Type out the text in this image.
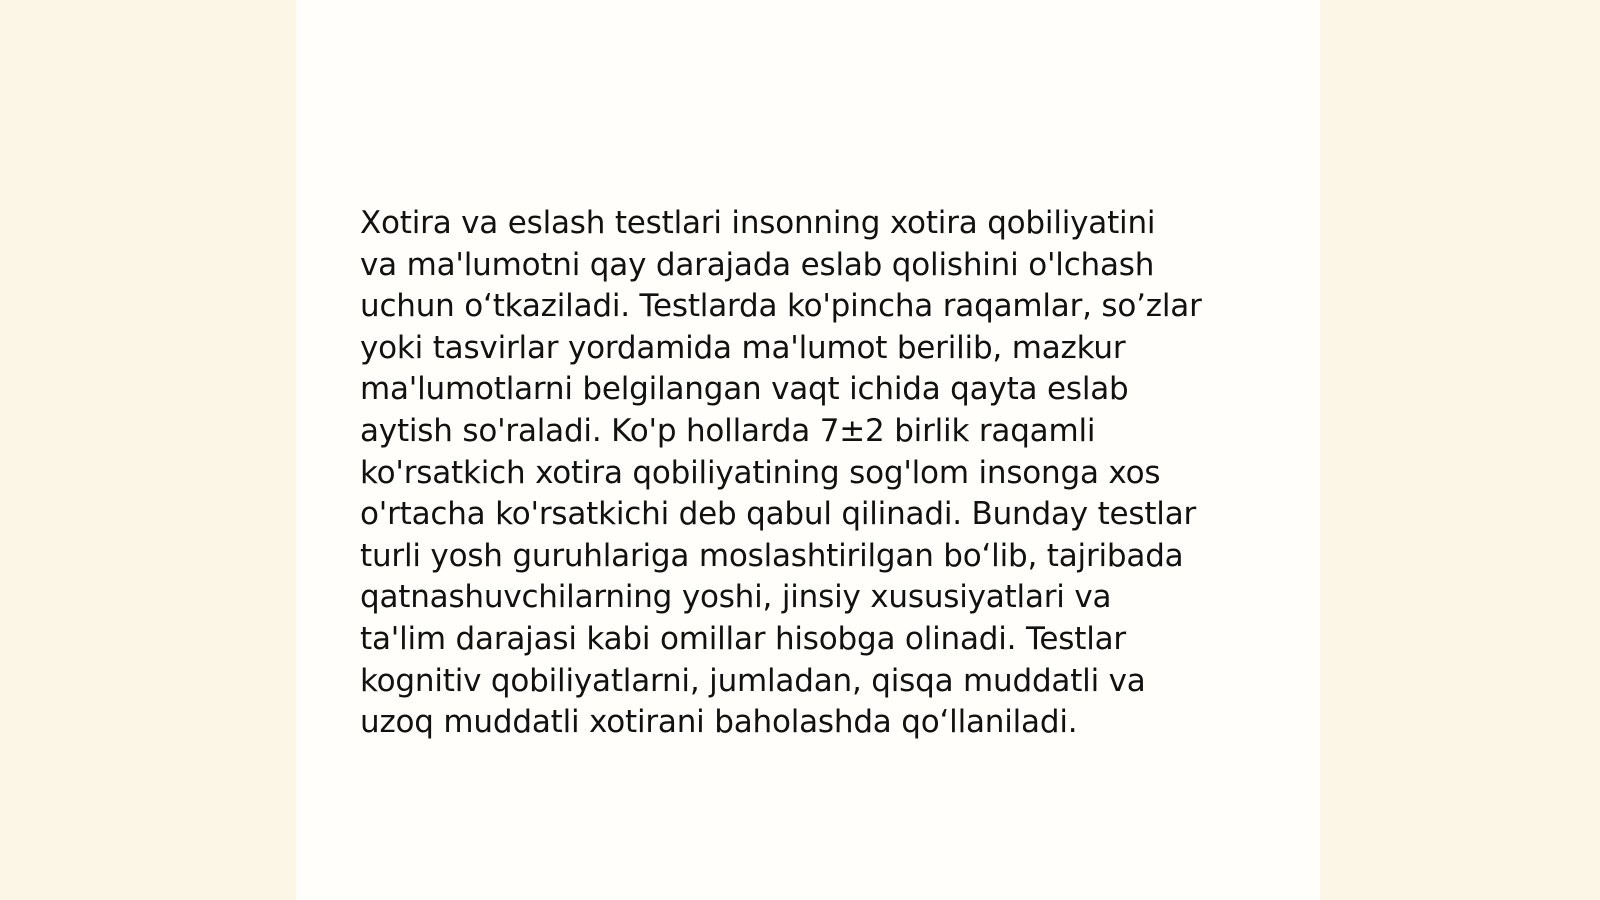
Xotira va eslash testlari insonning xotira qobiliyatini
va ma'lumotni qay darajada eslab qolishini o'lchash
uchun o‘tkaziladi. Testlarda ko'pincha raqamlar, so’zlar
yoki tasvirlar yordamida ma'lumot berilib, mazkur
ma'lumotlarni belgilangan vaqt ichida qayta eslab
aytish so'raladi. Ko'p hollarda 7±2 birlik raqamli
ko'rsatkich xotira qobiliyatining sog'lom insonga xos
o'rtacha ko'rsatkichi deb qabul qilinadi. Bunday testlar
turli yosh guruhlariga moslashtirilgan bo‘lib, tajribada
qatnashuvchilarning yoshi, jinsiy xususiyatlari va
ta'lim darajasi kabi omillar hisobga olinadi. Testlar
kognitiv qobiliyatlarni, jumladan, qisqa muddatli va
uzoq muddatli xotirani baholashda qo‘llaniladi.
